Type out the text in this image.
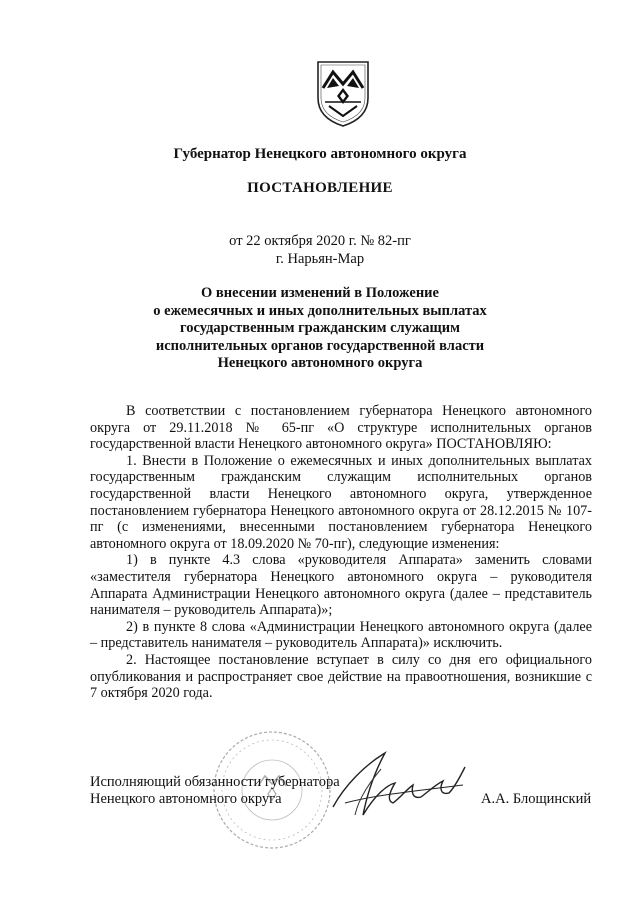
Губернатор Ненецкого автономного округа
ПОСТАНОВЛЕНИЕ
от 22 октября 2020 г. № 82-пг
г. Нарьян-Мар
О внесении изменений в Положение
о ежемесячных и иных дополнительных выплатах
государственным гражданским служащим
исполнительных органов государственной власти
Ненецкого автономного округа

В соответствии с постановлением губернатора Ненецкого автономного округа от 29.11.2018 № 65-пг «О структуре исполнительных органов государственной власти Ненецкого автономного округа» ПОСТАНОВЛЯЮ:

1. Внести в Положение о ежемесячных и иных дополнительных выплатах государственным гражданским служащим исполнительных органов государственной власти Ненецкого автономного округа, утвержденное постановлением губернатора Ненецкого автономного округа от 28.12.2015 № 107-пг (с изменениями, внесенными постановлением губернатора Ненецкого автономного округа от 18.09.2020 № 70-пг), следующие изменения:

1) в пункте 4.3 слова «руководителя Аппарата» заменить словами «заместителя губернатора Ненецкого автономного округа – руководителя Аппарата Администрации Ненецкого автономного округа (далее – представитель нанимателя – руководитель Аппарата)»;

2) в пункте 8 слова «Администрации Ненецкого автономного округа (далее – представитель нанимателя – руководитель Аппарата)» исключить.

2. Настоящее постановление вступает в силу со дня его официального опубликования и распространяет свое действие на правоотношения, возникшие с 7 октября 2020 года.

Исполняющий обязанности губернатора
Ненецкого автономного округа	А.А. Блощинский
